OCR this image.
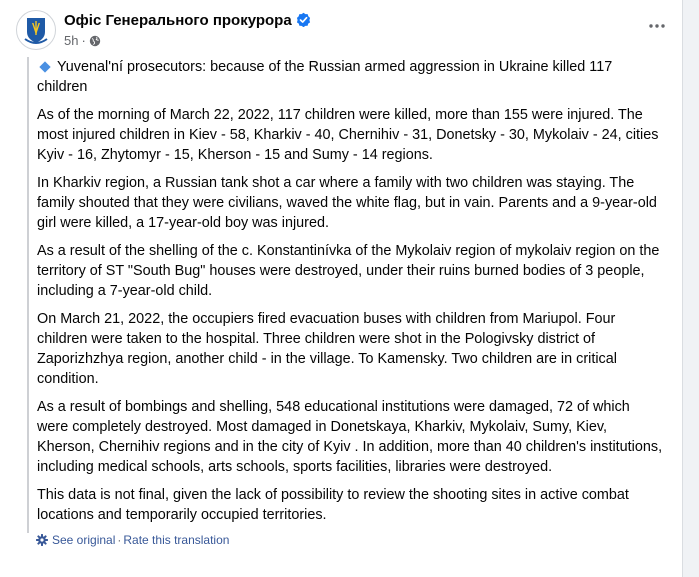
Офіс Генерального прокурора
5h ·

Yuvenal'ní prosecutors: because of the Russian armed aggression in Ukraine killed 117 children

As of the morning of March 22, 2022, 117 children were killed, more than 155 were injured. The most injured children in Kiev - 58, Kharkiv - 40, Chernihiv - 31, Donetsky - 30, Mykolaiv - 24, cities Kyiv - 16, Zhytomyr - 15, Kherson - 15 and Sumy - 14 regions.

In Kharkiv region, a Russian tank shot a car where a family with two children was staying. The family shouted that they were civilians, waved the white flag, but in vain. Parents and a 9-year-old girl were killed, a 17-year-old boy was injured.

As a result of the shelling of the c. Konstantinívka of the Mykolaiv region of mykolaiv region on the territory of ST "South Bug" houses were destroyed, under their ruins burned bodies of 3 people, including a 7-year-old child.

On March 21, 2022, the occupiers fired evacuation buses with children from Mariupol. Four children were taken to the hospital. Three children were shot in the Pologivsky district of Zaporizhzhya region, another child - in the village. To Kamensky. Two children are in critical condition.

As a result of bombings and shelling, 548 educational institutions were damaged, 72 of which were completely destroyed. Most damaged in Donetskaya, Kharkiv, Mykolaiv, Sumy, Kiev, Kherson, Chernihiv regions and in the city of Kyiv . In addition, more than 40 children's institutions, including medical schools, arts schools, sports facilities, libraries were destroyed.

This data is not final, given the lack of possibility to review the shooting sites in active combat locations and temporarily occupied territories.

See original · Rate this translation
